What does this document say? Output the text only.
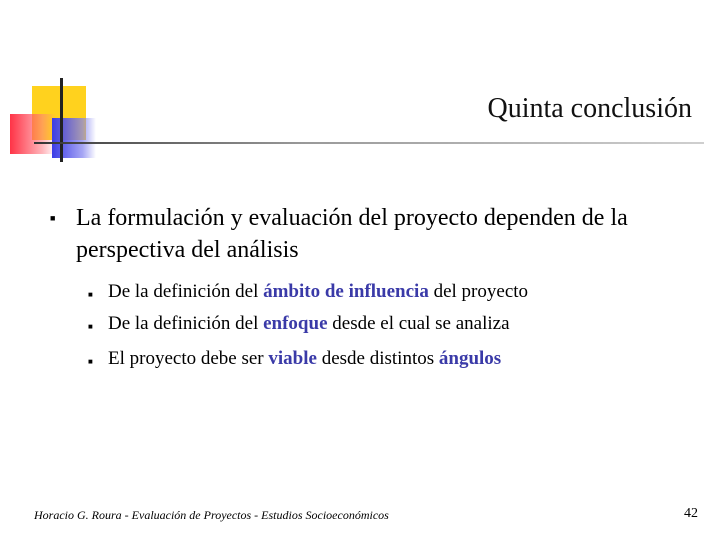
Quinta conclusión
■ La formulación y evaluación del proyecto dependen de la perspectiva del análisis
■ De la definición del ámbito de influencia del proyecto
■ De la definición del enfoque desde el cual se analiza
■ El proyecto debe ser viable desde distintos ángulos
Horacio G. Roura - Evaluación de Proyectos - Estudios Socioeconómicos	42
